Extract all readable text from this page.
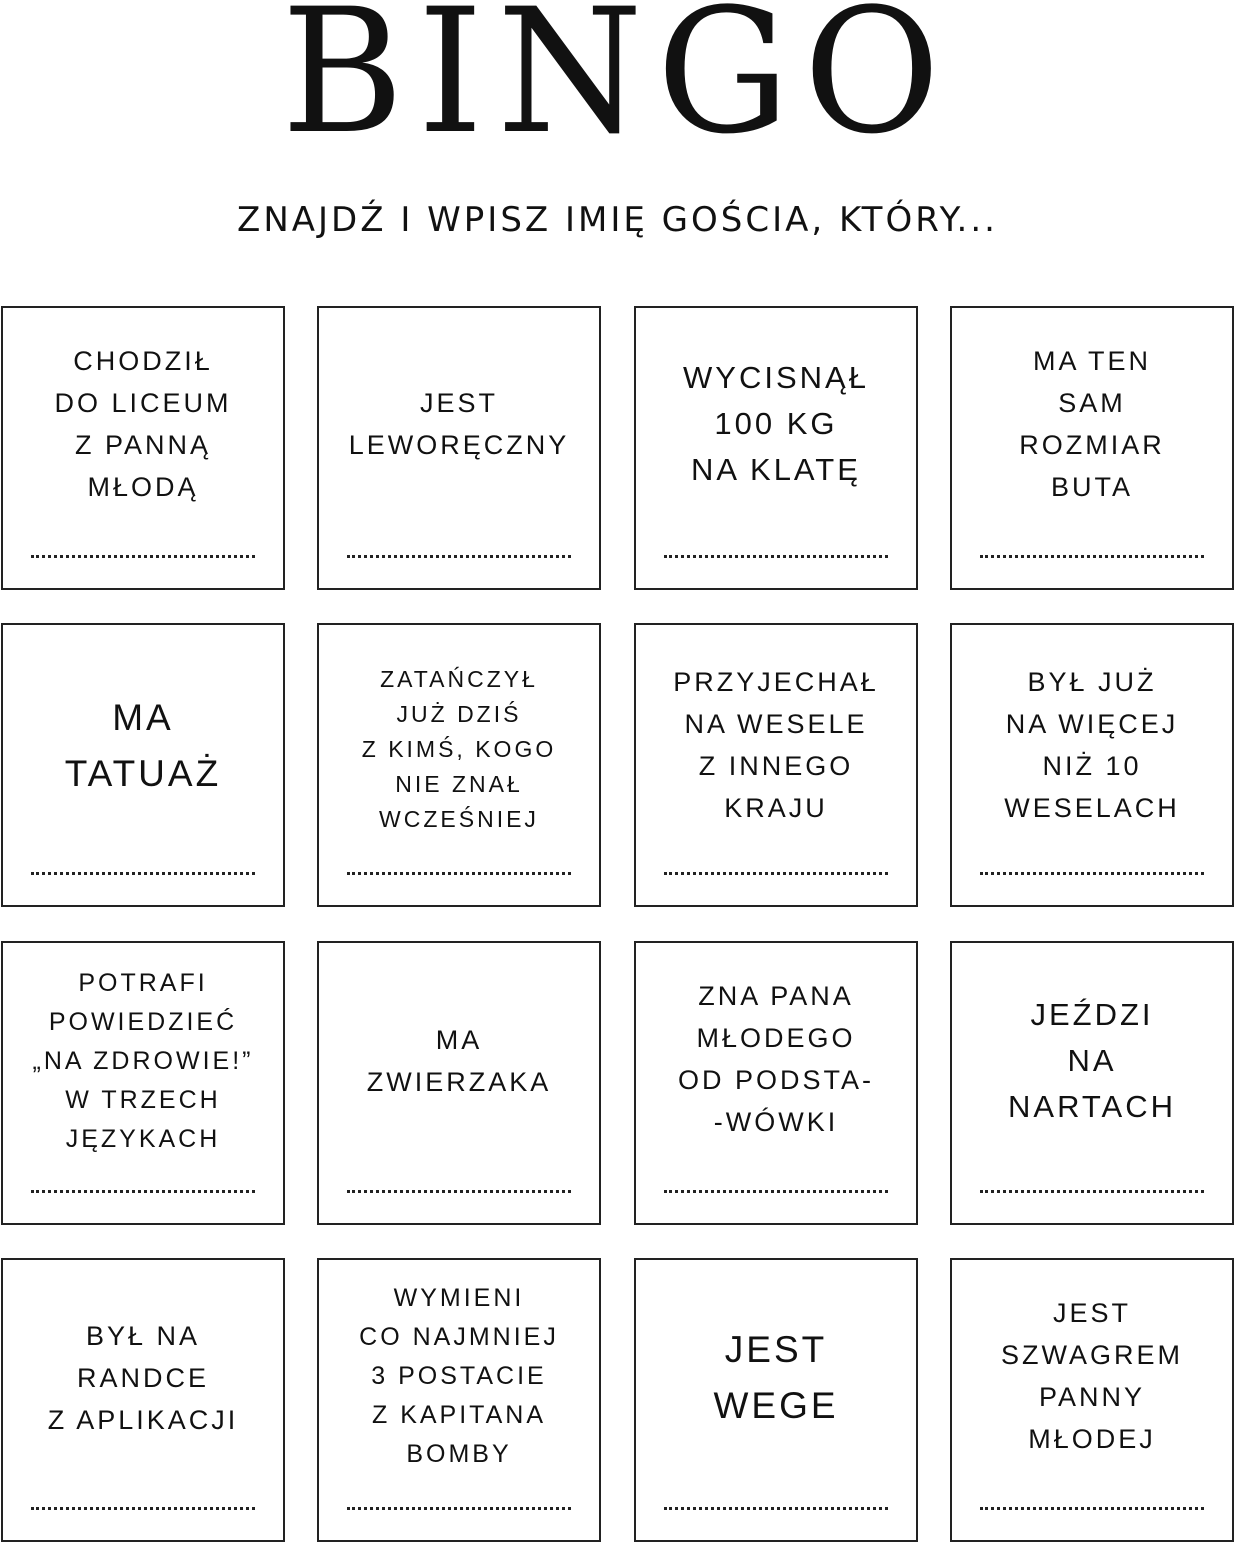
BINGO
ZNAJDŹ I WPISZ IMIĘ GOŚCIA, KTÓRY...
CHODZIŁ
DO LICEUM
Z PANNĄ
MŁODĄ
JEST
LEWORĘCZNY
WYCISNĄŁ
100 KG
NA KLATĘ
MA TEN
SAM
ROZMIAR
BUTA
MA
TATUAŻ
ZATAŃCZYŁ
JUŻ DZIŚ
Z KIMŚ, KOGO
NIE ZNAŁ
WCZEŚNIEJ
PRZYJECHAŁ
NA WESELE
Z INNEGO
KRAJU
BYŁ JUŻ
NA WIĘCEJ
NIŻ 10
WESELACH
POTRAFI
POWIEDZIEĆ
„NA ZDROWIE!”
W TRZECH
JĘZYKACH
MA
ZWIERZAKA
ZNA PANA
MŁODEGO
OD PODSTA-
-WÓWKI
JEŹDZI
NA
NARTACH
BYŁ NA
RANDCE
Z APLIKACJI
WYMIENI
CO NAJMNIEJ
3 POSTACIE
Z KAPITANA
BOMBY
JEST
WEGE
JEST
SZWAGREM
PANNY
MŁODEJ
